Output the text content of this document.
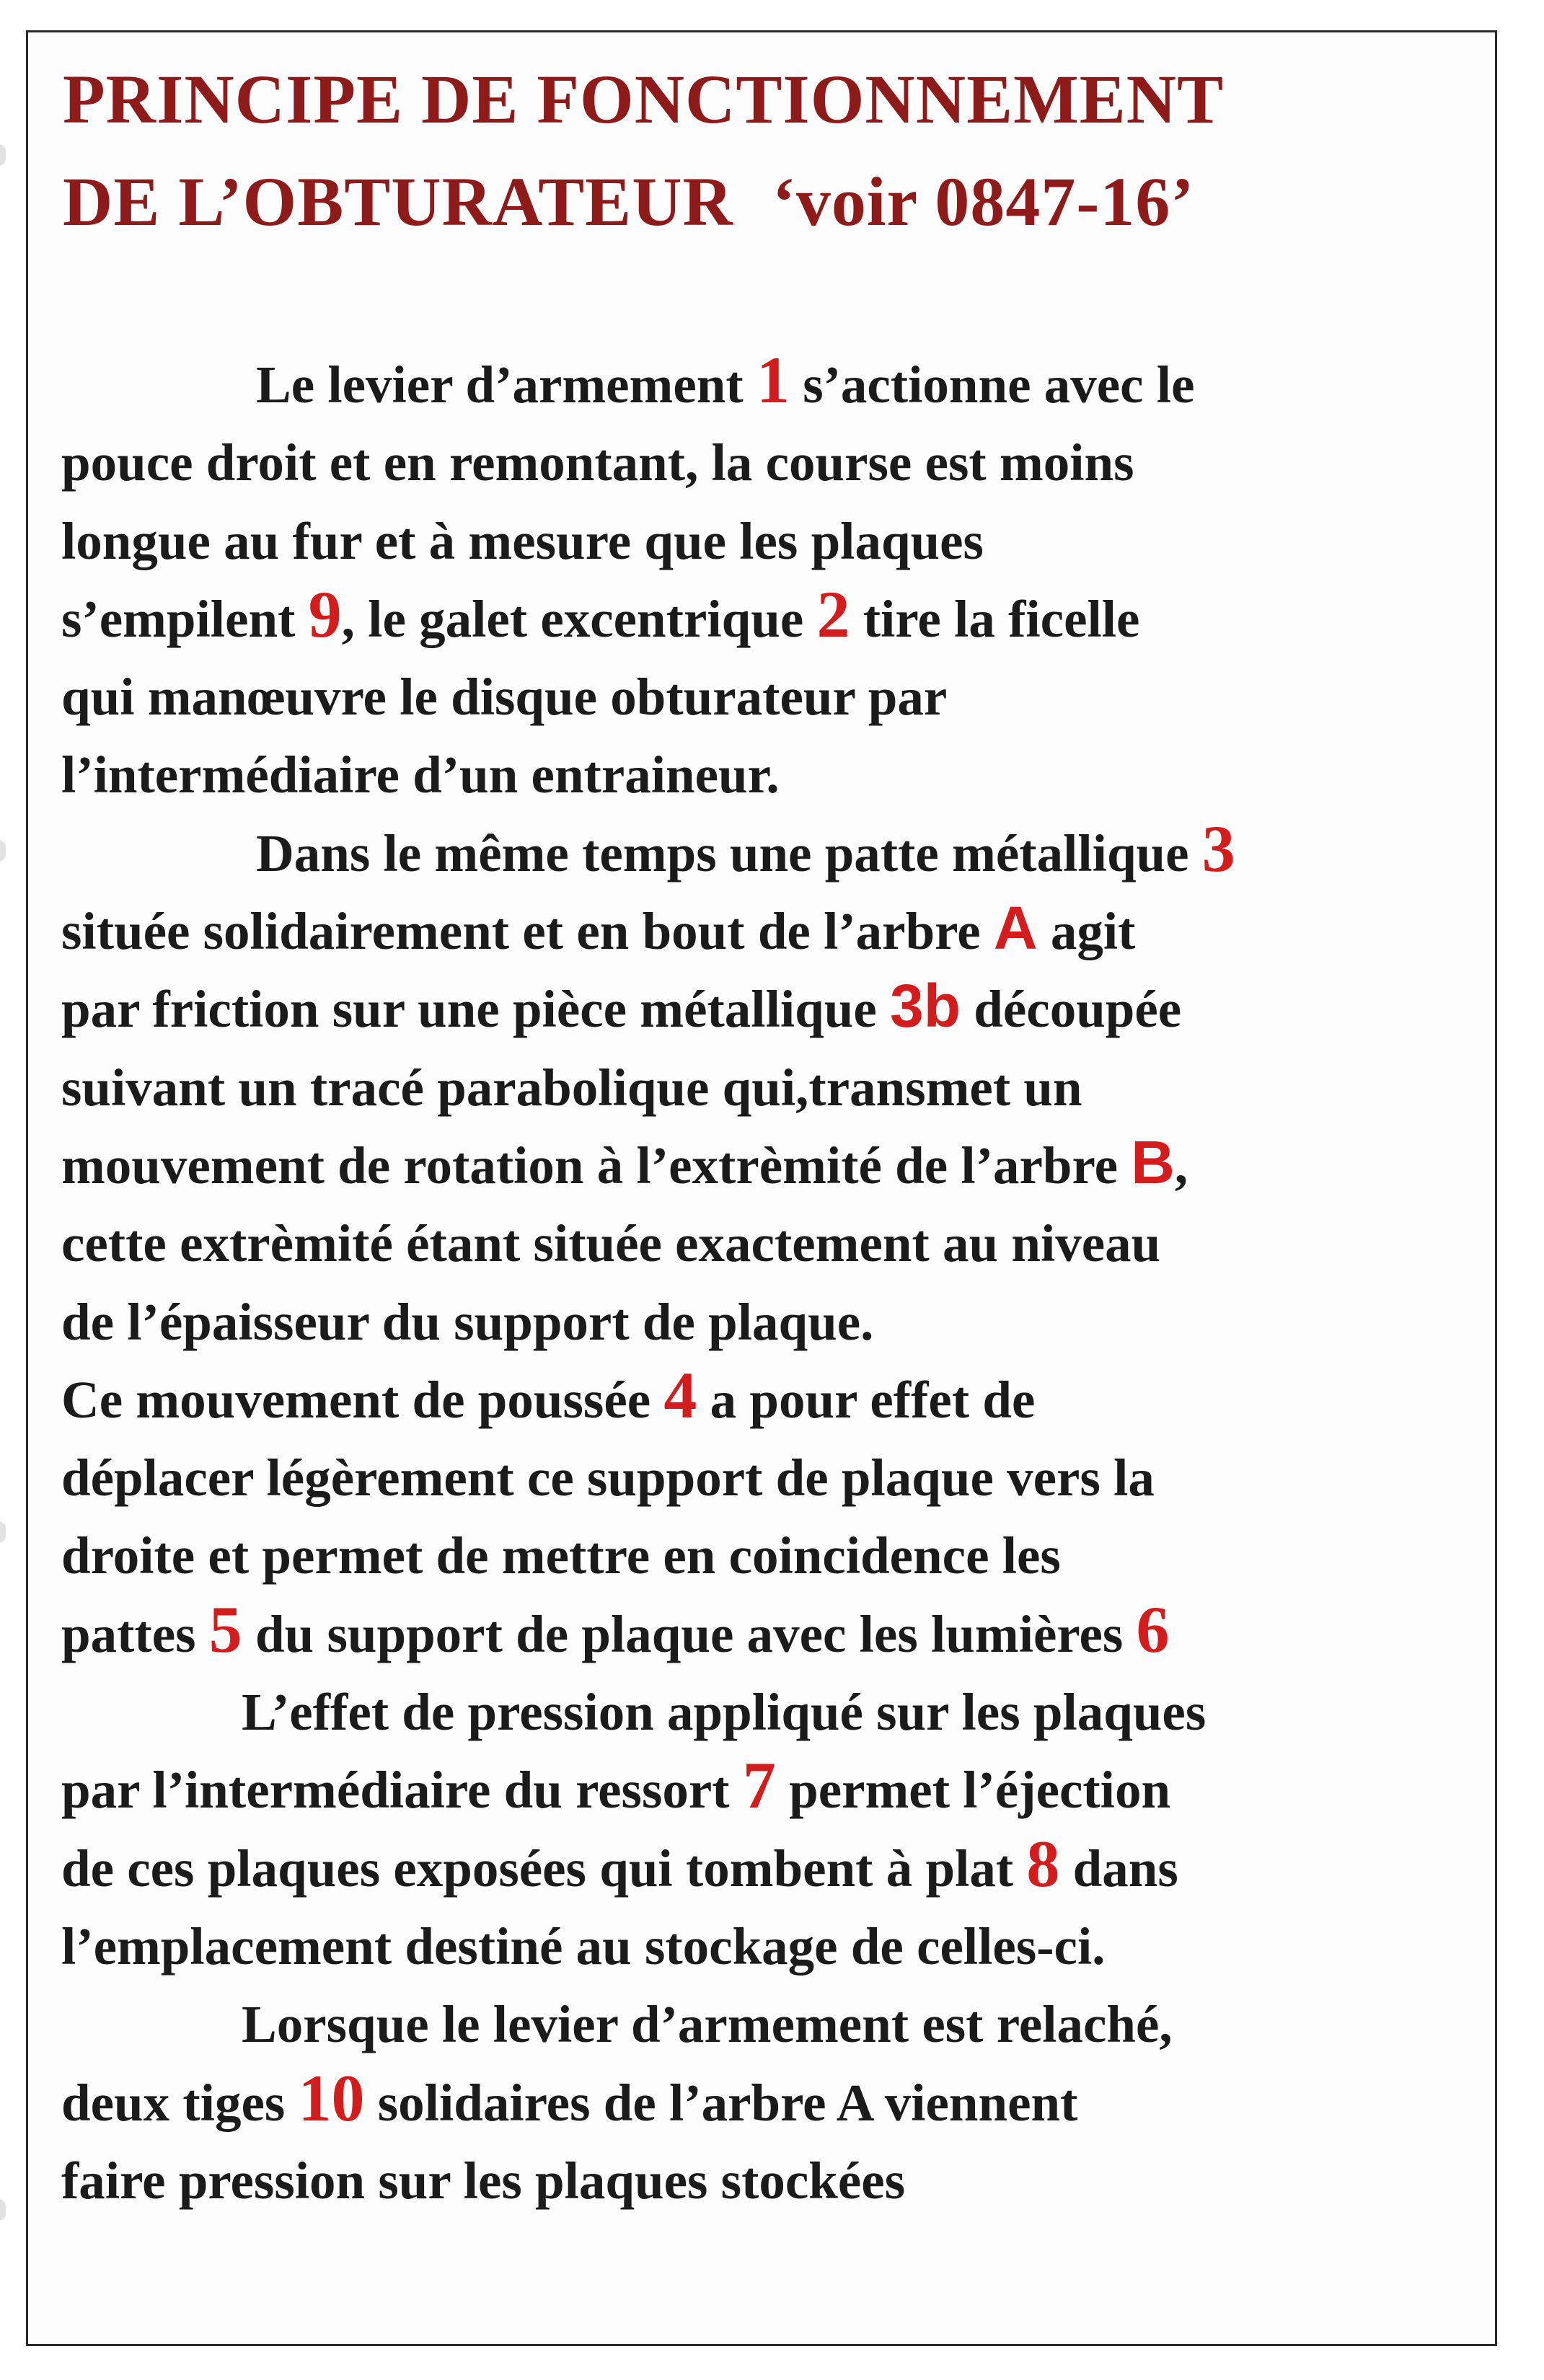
PRINCIPE DE FONCTIONNEMENT
DE L’OBTURATEUR ‘voir 0847-16’
Le levier d’armement 1 s’actionne avec le
pouce droit et en remontant, la course est moins
longue au fur et à mesure que les plaques
s’empilent 9, le galet excentrique 2 tire la ficelle
qui manœuvre le disque obturateur par
l’intermédiaire d’un entraineur.
Dans le même temps une patte métallique 3
située solidairement et en bout de l’arbre A agit
par friction sur une pièce métallique 3b découpée
suivant un tracé parabolique qui,transmet un
mouvement de rotation à l’extrèmité de l’arbre B,
cette extrèmité étant située exactement au niveau
de l’épaisseur du support de plaque.
Ce mouvement de poussée 4 a pour effet de
déplacer légèrement ce support de plaque vers la
droite et permet de mettre en coincidence les
pattes 5 du support de plaque avec les lumières 6
L’effet de pression appliqué sur les plaques
par l’intermédiaire du ressort 7 permet l’éjection
de ces plaques exposées qui tombent à plat 8 dans
l’emplacement destiné au stockage de celles-ci.
Lorsque le levier d’armement est relaché,
deux tiges 10 solidaires de l’arbre A viennent
faire pression sur les plaques stockées
